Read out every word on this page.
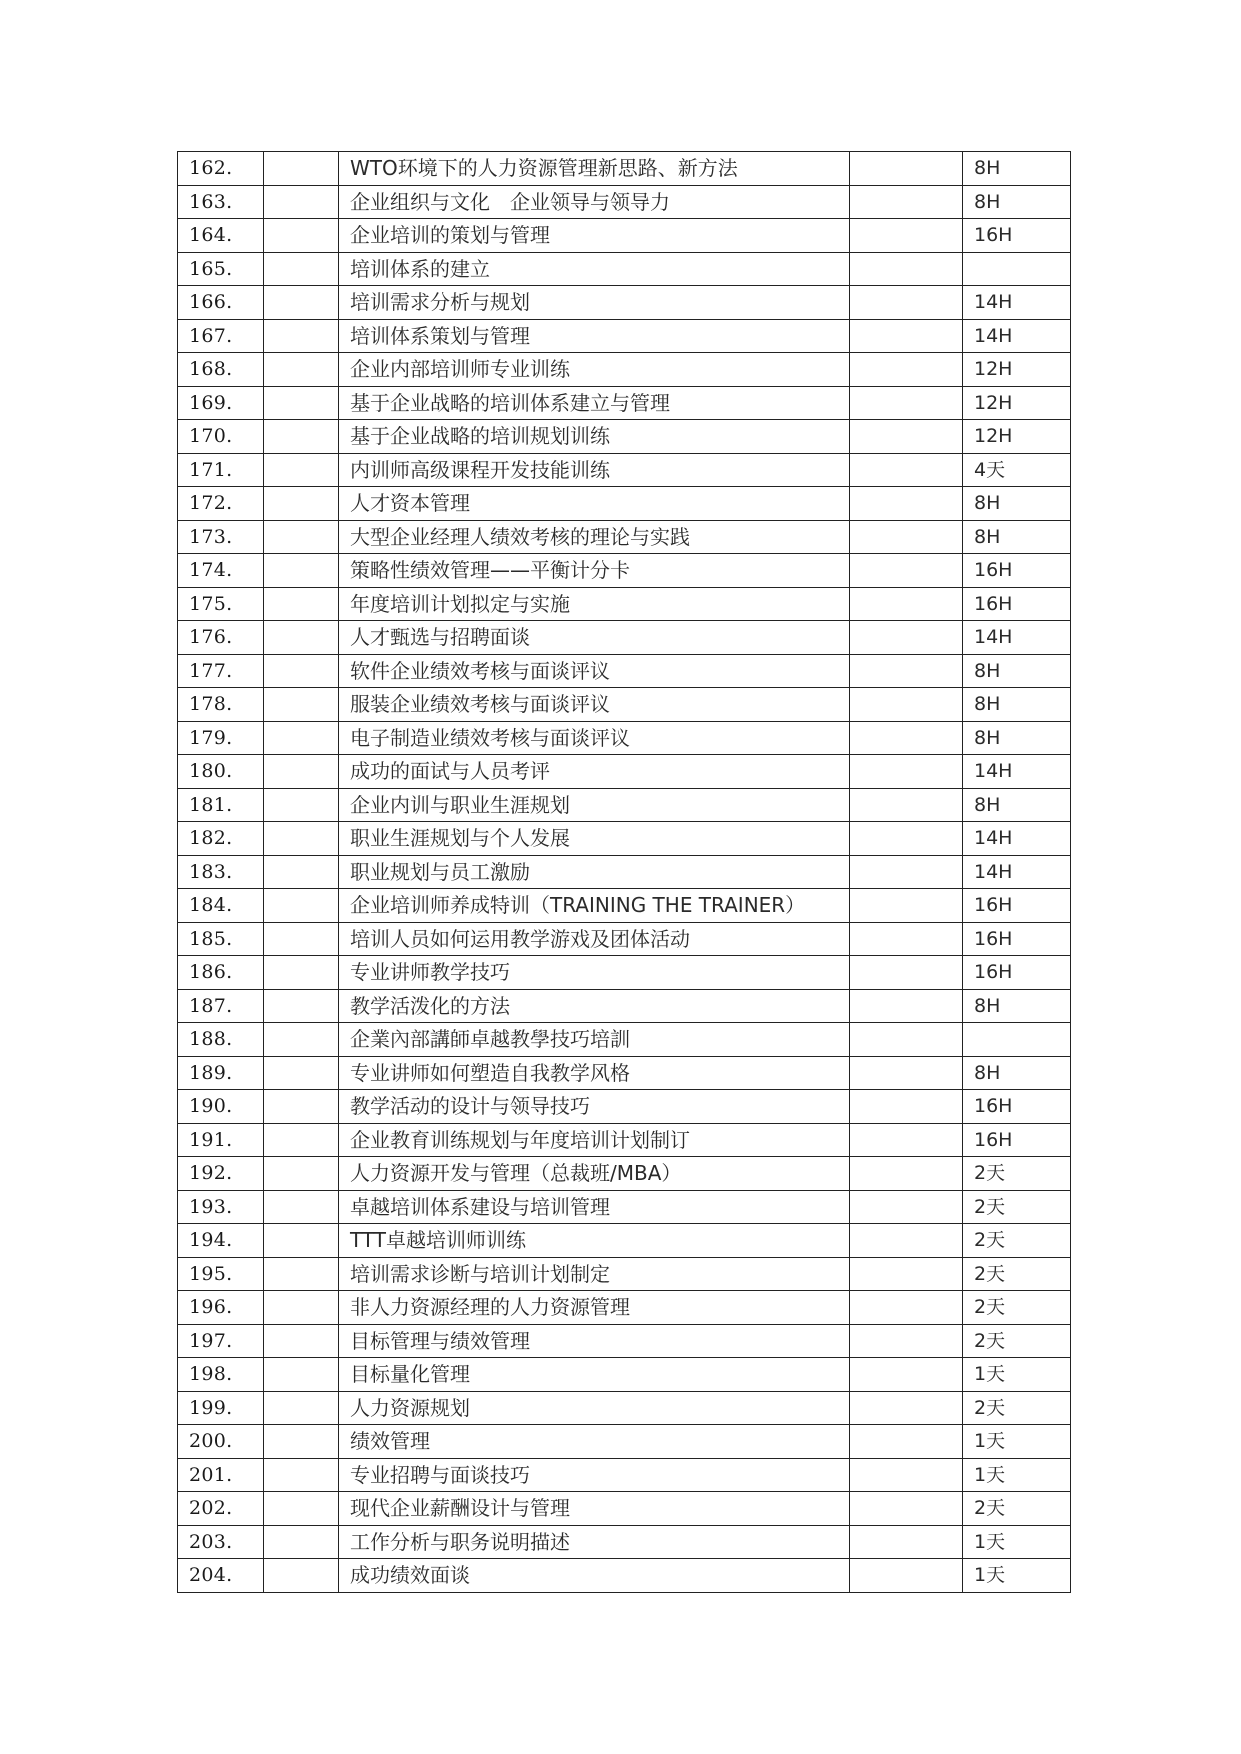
162.		WTO环境下的人力资源管理新思路、新方法		8H
163.		企业组织与文化　企业领导与领导力		8H
164.		企业培训的策划与管理		16H
165.		培训体系的建立		
166.		培训需求分析与规划		14H
167.		培训体系策划与管理		14H
168.		企业内部培训师专业训练		12H
169.		基于企业战略的培训体系建立与管理		12H
170.		基于企业战略的培训规划训练		12H
171.		内训师高级课程开发技能训练		4天
172.		人才资本管理		8H
173.		大型企业经理人绩效考核的理论与实践		8H
174.		策略性绩效管理——平衡计分卡		16H
175.		年度培训计划拟定与实施		16H
176.		人才甄选与招聘面谈		14H
177.		软件企业绩效考核与面谈评议		8H
178.		服装企业绩效考核与面谈评议		8H
179.		电子制造业绩效考核与面谈评议		8H
180.		成功的面试与人员考评		14H
181.		企业内训与职业生涯规划		8H
182.		职业生涯规划与个人发展		14H
183.		职业规划与员工激励		14H
184.		企业培训师养成特训（TRAINING THE TRAINER）		16H
185.		培训人员如何运用教学游戏及团体活动		16H
186.		专业讲师教学技巧		16H
187.		教学活泼化的方法		8H
188.		企業內部講師卓越教學技巧培訓		
189.		专业讲师如何塑造自我教学风格		8H
190.		教学活动的设计与领导技巧		16H
191.		企业教育训练规划与年度培训计划制订		16H
192.		人力资源开发与管理（总裁班/MBA）		2天
193.		卓越培训体系建设与培训管理		2天
194.		TTT卓越培训师训练		2天
195.		培训需求诊断与培训计划制定		2天
196.		非人力资源经理的人力资源管理		2天
197.		目标管理与绩效管理		2天
198.		目标量化管理		1天
199.		人力资源规划		2天
200.		绩效管理		1天
201.		专业招聘与面谈技巧		1天
202.		现代企业薪酬设计与管理		2天
203.		工作分析与职务说明描述		1天
204.		成功绩效面谈		1天
